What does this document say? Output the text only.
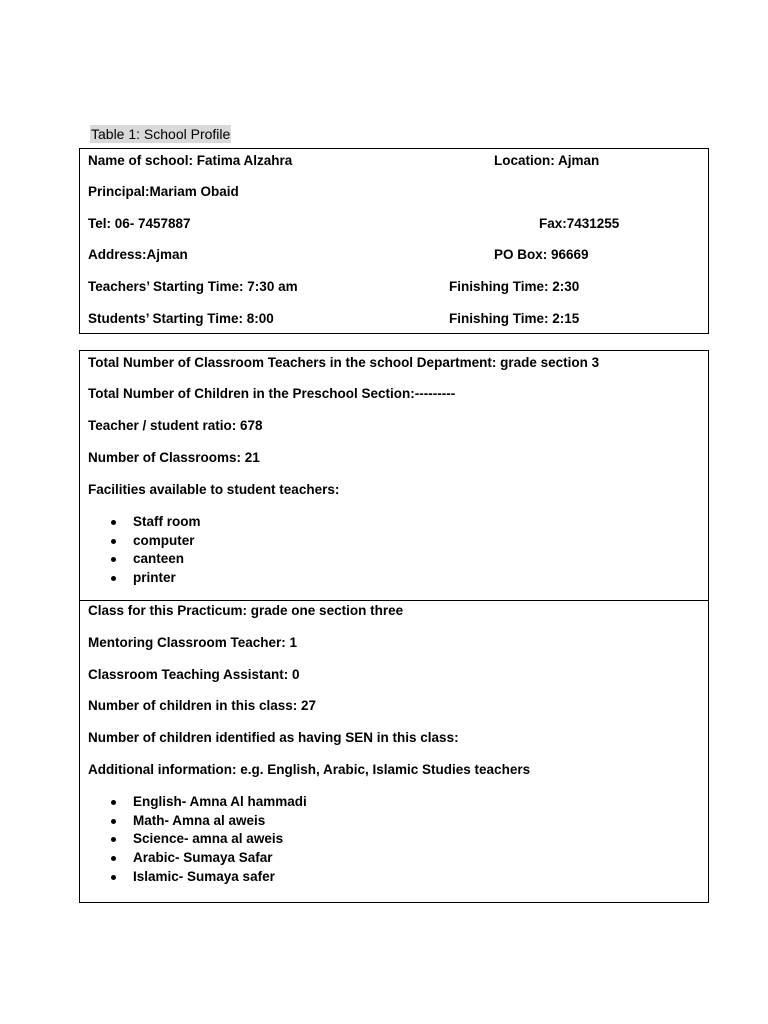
Table 1: School Profile
Name of school: Fatima Alzahra	Location: Ajman
Principal:Mariam Obaid
Tel: 06- 7457887	Fax:7431255
Address:Ajman	PO Box: 96669
Teachers’ Starting Time: 7:30 am	Finishing Time: 2:30
Students’ Starting Time: 8:00	Finishing Time: 2:15
Total Number of Classroom Teachers in the school Department: grade section 3
Total Number of Children in the Preschool Section:---------
Teacher / student ratio: 678
Number of Classrooms: 21
Facilities available to student teachers:
Staff room
computer
canteen
printer
Class for this Practicum: grade one section three
Mentoring Classroom Teacher: 1
Classroom Teaching Assistant: 0
Number of children in this class: 27
Number of children identified as having SEN in this class:
Additional information: e.g. English, Arabic, Islamic Studies teachers
English- Amna Al hammadi
Math- Amna al aweis
Science- amna al aweis
Arabic- Sumaya Safar
Islamic- Sumaya safer
